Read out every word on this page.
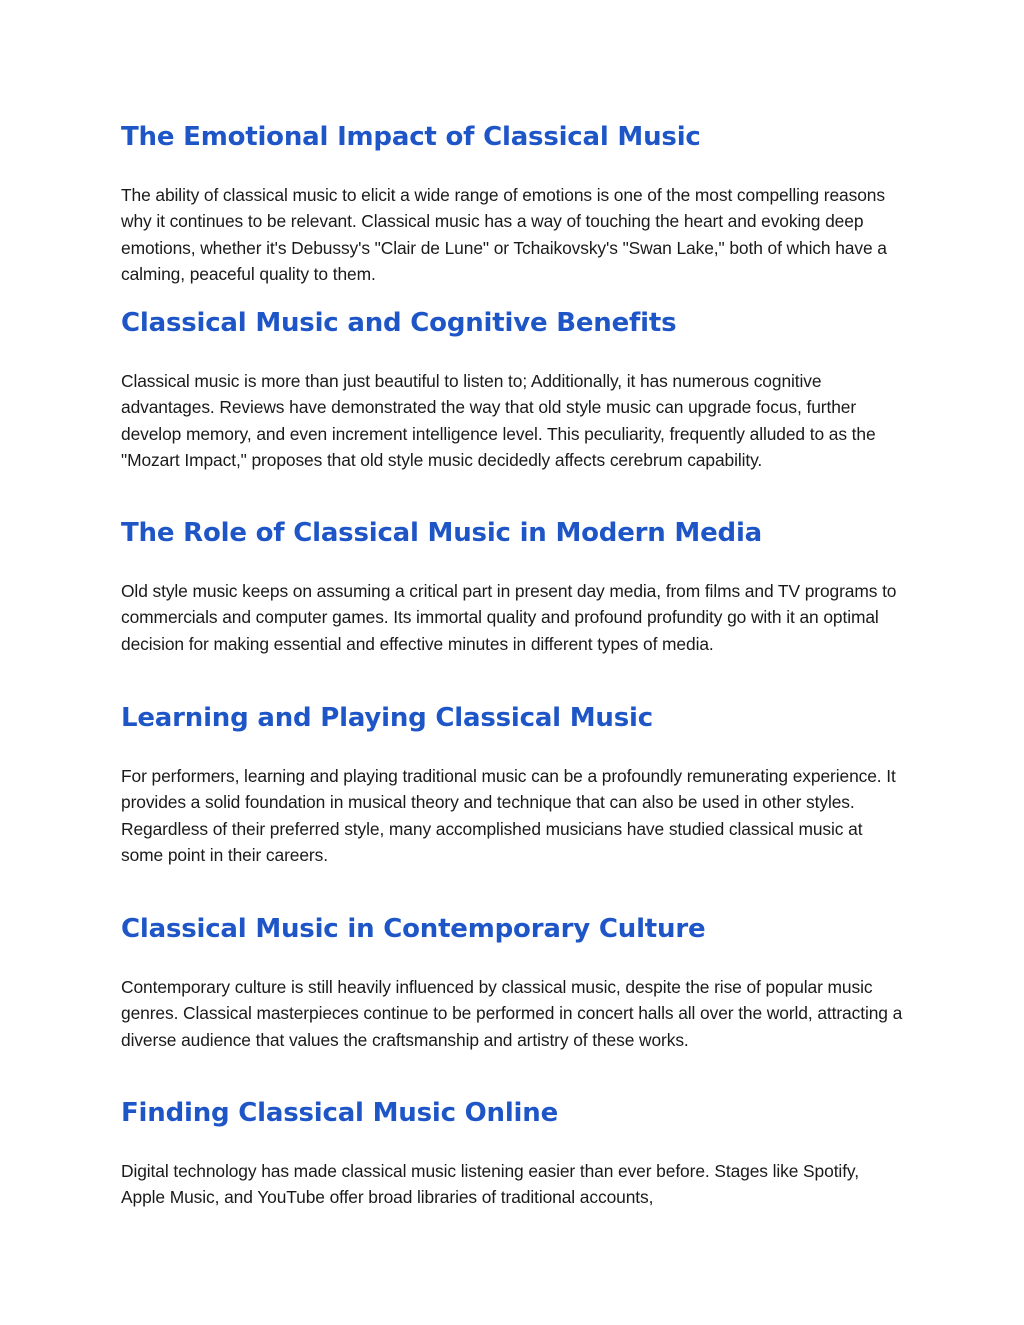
The Emotional Impact of Classical Music

The ability of classical music to elicit a wide range of emotions is one of the most compelling reasons why it continues to be relevant. Classical music has a way of touching the heart and evoking deep emotions, whether it's Debussy's "Clair de Lune" or Tchaikovsky's "Swan Lake," both of which have a calming, peaceful quality to them.

Classical Music and Cognitive Benefits

Classical music is more than just beautiful to listen to; Additionally, it has numerous cognitive advantages. Reviews have demonstrated the way that old style music can upgrade focus, further develop memory, and even increment intelligence level. This peculiarity, frequently alluded to as the "Mozart Impact," proposes that old style music decidedly affects cerebrum capability.

The Role of Classical Music in Modern Media

Old style music keeps on assuming a critical part in present day media, from films and TV programs to commercials and computer games. Its immortal quality and profound profundity go with it an optimal decision for making essential and effective minutes in different types of media.

Learning and Playing Classical Music

For performers, learning and playing traditional music can be a profoundly remunerating experience. It provides a solid foundation in musical theory and technique that can also be used in other styles. Regardless of their preferred style, many accomplished musicians have studied classical music at some point in their careers.

Classical Music in Contemporary Culture

Contemporary culture is still heavily influenced by classical music, despite the rise of popular music genres. Classical masterpieces continue to be performed in concert halls all over the world, attracting a diverse audience that values the craftsmanship and artistry of these works.

Finding Classical Music Online

Digital technology has made classical music listening easier than ever before. Stages like Spotify, Apple Music, and YouTube offer broad libraries of traditional accounts,
